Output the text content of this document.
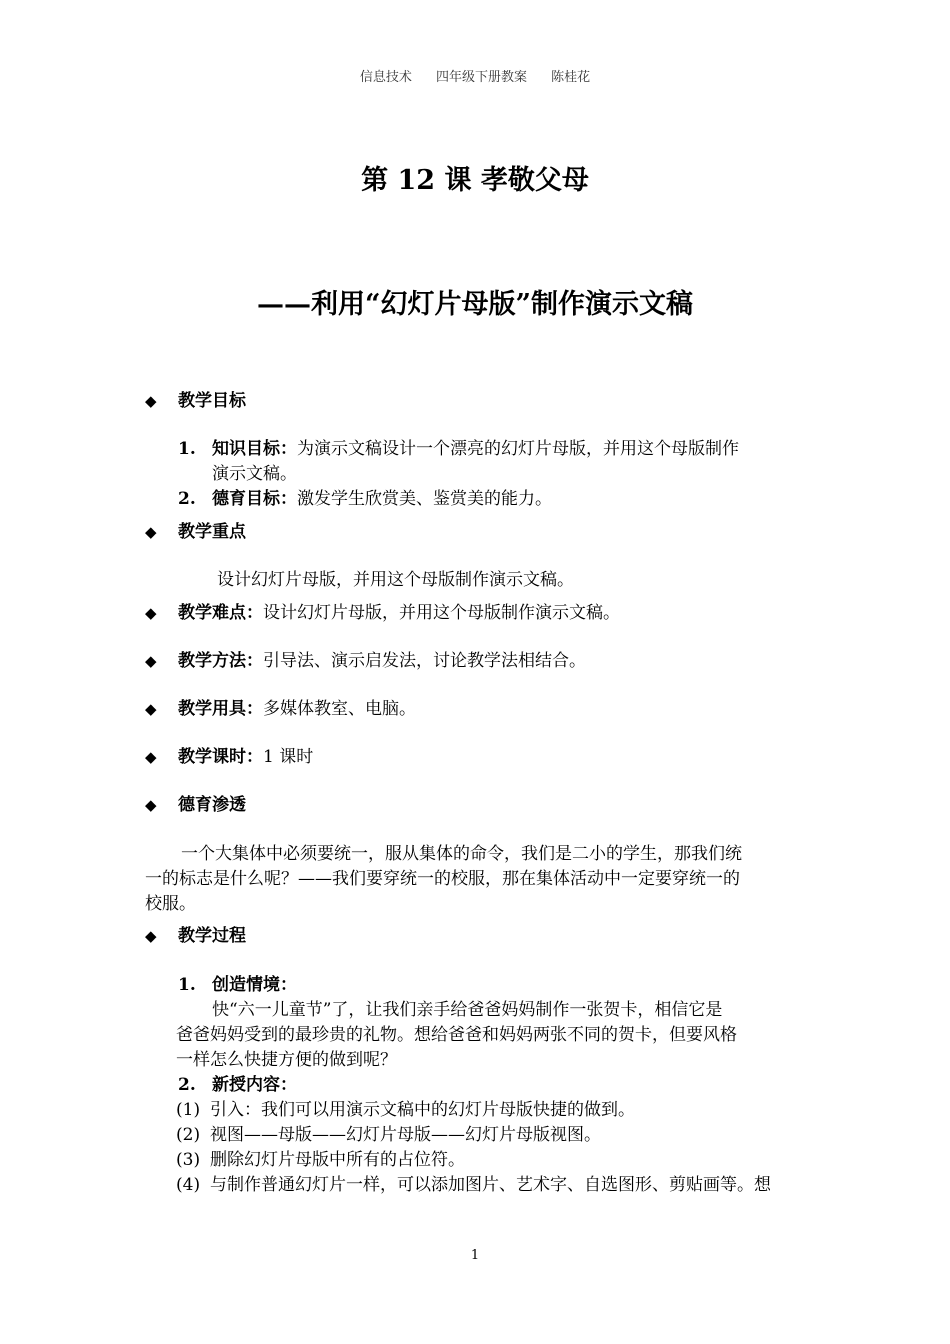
信息技术 四年级下册教案 陈桂花
第 12 课 孝敬父母
——利用“幻灯片母版”制作演示文稿
◆ 教学目标
1. 知识目标：为演示文稿设计一个漂亮的幻灯片母版，并用这个母版制作
演示文稿。
2. 德育目标：激发学生欣赏美、鉴赏美的能力。
◆ 教学重点
设计幻灯片母版，并用这个母版制作演示文稿。
◆ 教学难点：设计幻灯片母版，并用这个母版制作演示文稿。
◆ 教学方法：引导法、演示启发法，讨论教学法相结合。
◆ 教学用具：多媒体教室、电脑。
◆ 教学课时：1 课时
◆ 德育渗透
一个大集体中必须要统一，服从集体的命令，我们是二小的学生，那我们统
一的标志是什么呢？——我们要穿统一的校服，那在集体活动中一定要穿统一的
校服。
◆ 教学过程
1. 创造情境：
快“六一儿童节”了，让我们亲手给爸爸妈妈制作一张贺卡，相信它是
爸爸妈妈受到的最珍贵的礼物。想给爸爸和妈妈两张不同的贺卡，但要风格
一样怎么快捷方便的做到呢？
2. 新授内容：
(1) 引入：我们可以用演示文稿中的幻灯片母版快捷的做到。
(2) 视图——母版——幻灯片母版——幻灯片母版视图。
(3) 删除幻灯片母版中所有的占位符。
(4) 与制作普通幻灯片一样，可以添加图片、艺术字、自选图形、剪贴画等。想
1
